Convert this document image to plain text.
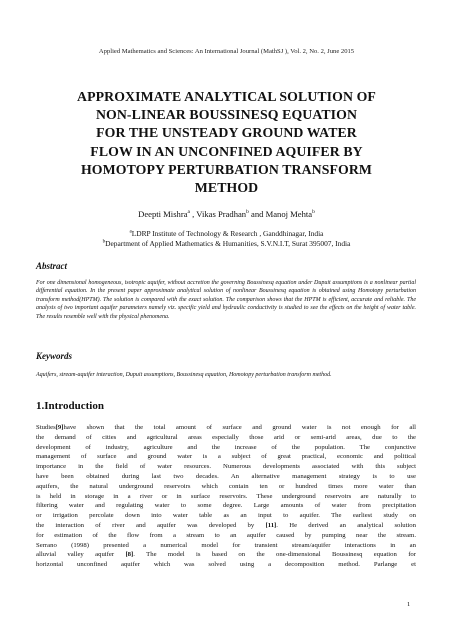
Applied Mathematics and Sciences: An International Journal (MathSJ ), Vol. 2, No. 2, June 2015
APPROXIMATE ANALYTICAL SOLUTION OF
NON-LINEAR BOUSSINESQ EQUATION
FOR THE UNSTEADY GROUND WATER
FLOW IN AN UNCONFINED AQUIFER BY
HOMOTOPY PERTURBATION TRANSFORM
METHOD
Deepti Mishra$^a$ , Vikas Pradhan$^b$ and Manoj Mehta$^b$
$^a$LDRP Institute of Technology & Research , Ganddhinagar, India
$^b$Department of Applied Mathematics & Humanities, S.V.N.I.T, Surat 395007, India
Abstract
For one dimensional homogeneous, isotropic aquifer, without accretion the governing Boussinesq equation under Dupuit assumptions is a nonlinear partial differential equation. In the present paper approximate analytical solution of nonlinear Boussinesq equation is obtained using Homotopy perturbation transform method(HPTM). The solution is compared with the exact solution. The comparison shows that the HPTM is efficient, accurate and reliable. The analysis of two important aquifer parameters namely viz. specific yield and hydraulic conductivity is studied to see the effects on the height of water table. The results resemble well with the physical phenomena.
Keywords
Aquifers, stream-aquifer interaction, Dupuit assumptions, Boussinesq equation, Homotopy perturbation transform method.
1.Introduction
Studies[9]have shown that the total amount of surface and ground water is not enough for all
the demand of cities and agricultural areas especially those arid or semi-arid areas, due to the
development of industry, agriculture and the increase of the population. The conjunctive
management of surface and ground water is a subject of great practical, economic and political
importance in the field of water resources. Numerous developments associated with this subject
have been obtained during last two decades. An alternative management strategy is to use
aquifers, the natural underground reservoirs which contain ten or hundred times more water than
is held in storage in a river or in surface reservoirs. These underground reservoirs are naturally to
filtering water and regulating water to some degree. Large amounts of water from precipitation
or irrigation percolate down into water table as an input to aquifer. The earliest study on
the interaction of river and aquifer was developed by [11]. He derived an analytical solution
for estimation of the flow from a stream to an aquifer caused by pumping near the stream.
Serrano (1998) presented a numerical model for transient stream/aquifer interactions in an
alluvial valley aquifer [8]. The model is based on the one-dimensional Boussinesq equation for
horizontal unconfined aquifer which was solved using a decomposition method. Parlange et
1
